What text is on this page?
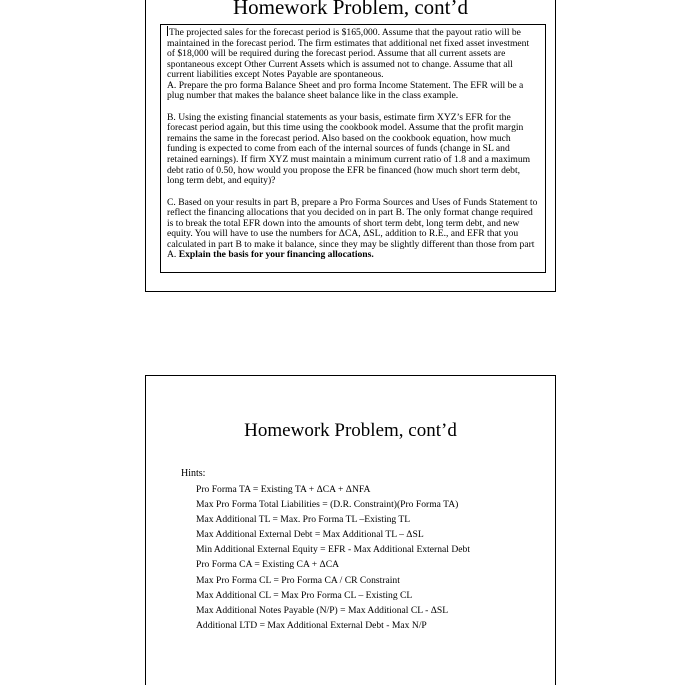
Homework Problem, cont’d

The projected sales for the forecast period is $165,000. Assume that the payout ratio will be maintained in the forecast period. The firm estimates that additional net fixed asset investment of $18,000 will be required during the forecast period. Assume that all current assets are spontaneous except Other Current Assets which is assumed not to change. Assume that all current liabilities except Notes Payable are spontaneous.

A. Prepare the pro forma Balance Sheet and pro forma Income Statement. The EFR will be a plug number that makes the balance sheet balance like in the class example.

B. Using the existing financial statements as your basis, estimate firm XYZ’s EFR for the forecast period again, but this time using the cookbook model. Assume that the profit margin remains the same in the forecast period. Also based on the cookbook equation, how much funding is expected to come from each of the internal sources of funds (change in SL and retained earnings). If firm XYZ must maintain a minimum current ratio of 1.8 and a maximum debt ratio of 0.50, how would you propose the EFR be financed (how much short term debt, long term debt, and equity)?

C. Based on your results in part B, prepare a Pro Forma Sources and Uses of Funds Statement to reflect the financing allocations that you decided on in part B. The only format change required is to break the total EFR down into the amounts of short term debt, long term debt, and new equity. You will have to use the numbers for ΔCA, ΔSL, addition to R.E., and EFR that you calculated in part B to make it balance, since they may be slightly different than those from part A. Explain the basis for your financing allocations.

Homework Problem, cont’d
Hints:
Pro Forma TA = Existing TA + ΔCA + ΔNFA
Max Pro Forma Total Liabilities = (D.R. Constraint)(Pro Forma TA)
Max Additional TL = Max. Pro Forma TL –Existing TL
Max Additional External Debt = Max Additional TL – ΔSL
Min Additional External Equity = EFR - Max Additional External Debt
Pro Forma CA = Existing CA + ΔCA
Max Pro Forma CL = Pro Forma CA / CR Constraint
Max Additional CL = Max Pro Forma CL – Existing CL
Max Additional Notes Payable (N/P) = Max Additional CL - ΔSL
Additional LTD = Max Additional External Debt - Max N/P
